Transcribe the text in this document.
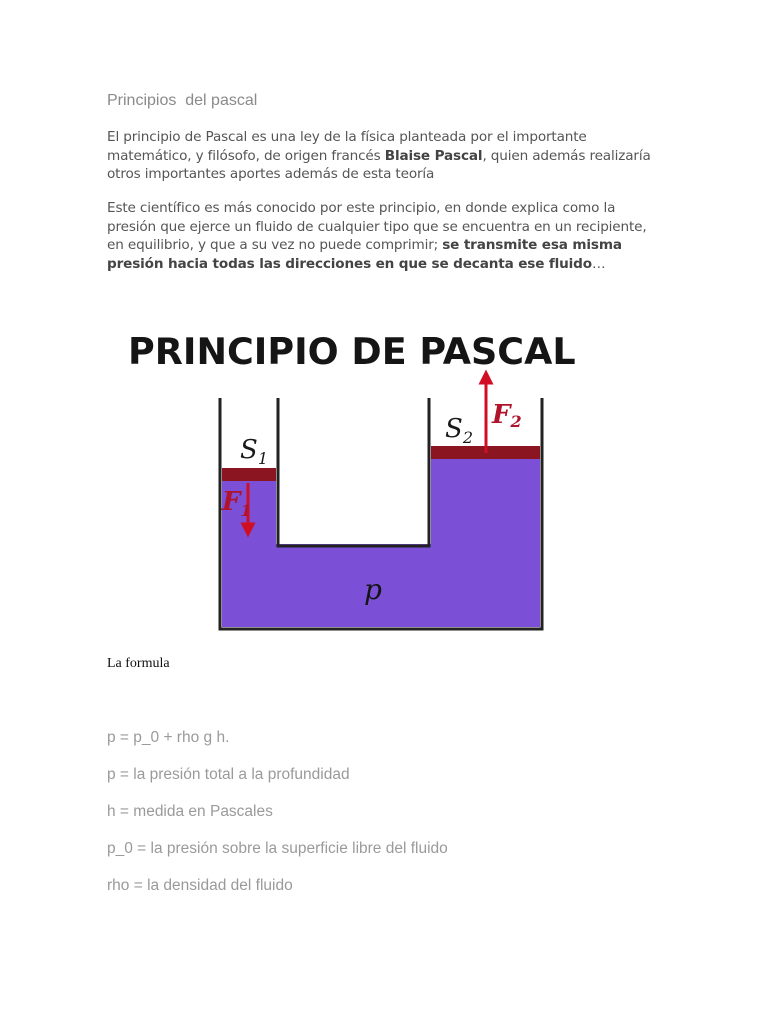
Principios  del pascal

El principio de Pascal es una ley de la física planteada por el importante matemático, y filósofo, de origen francés Blaise Pascal, quien además realizaría otros importantes aportes además de esta teoría

Este científico es más conocido por este principio, en donde explica como la presión que ejerce un fluido de cualquier tipo que se encuentra en un recipiente, en equilibrio, y que a su vez no puede comprimir; se transmite esa misma presión hacia todas las direcciones en que se decanta ese fluido…

PRINCIPIO DE PASCAL
$S_1$
$S_2$
$F_1$
F2
p

La formula

p = p_0 + rho g h.

p = la presión total a la profundidad

h = medida en Pascales

p_0 = la presión sobre la superficie libre del fluido

rho = la densidad del fluido
